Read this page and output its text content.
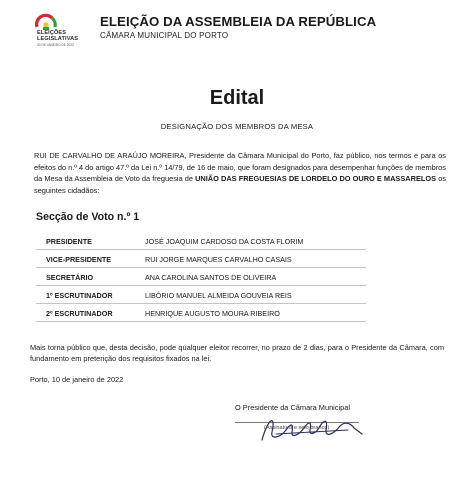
ELEIÇÕES
LEGISLATIVAS
30 DE JANEIRO DE 2022
ELEIÇÃO DA ASSEMBLEIA DA REPÚBLICA
CÂMARA MUNICIPAL DO PORTO
Edital
DESIGNAÇÃO DOS MEMBROS DA MESA
RUI DE CARVALHO DE ARAÚJO MOREIRA, Presidente da Câmara Municipal do Porto, faz público, nos termos e para os efeitos do n.º 4 do artigo 47.º da Lei n.º 14/79, de 16 de maio, que foram designados para desempenhar funções de membros da Mesa da Assembleia de Voto da freguesia de UNIÃO DAS FREGUESIAS DE LORDELO DO OURO E MASSARELOS os seguintes cidadãos:
Secção de Voto n.º 1
PRESIDENTE	JOSÉ JOAQUIM CARDOSO DA COSTA FLORIM
VICE-PRESIDENTE	RUI JORGE MARQUES CARVALHO CASAIS
SECRETÁRIO	ANA CAROLINA SANTOS DE OLIVEIRA
1º ESCRUTINADOR	LIBÓRIO MANUEL ALMEIDA GOUVEIA REIS
2º ESCRUTINADOR	HENRIQUE AUGUSTO MOURA RIBEIRO
Mais torna público que, desta decisão, pode qualquer eleitor recorrer, no prazo de 2 dias, para o Presidente da Câmara, com fundamento em preterição dos requisitos fixados na lei.
Porto, 10 de janeiro de 2022
O Presidente da Câmara Municipal
(Assinatura e selo branco)
